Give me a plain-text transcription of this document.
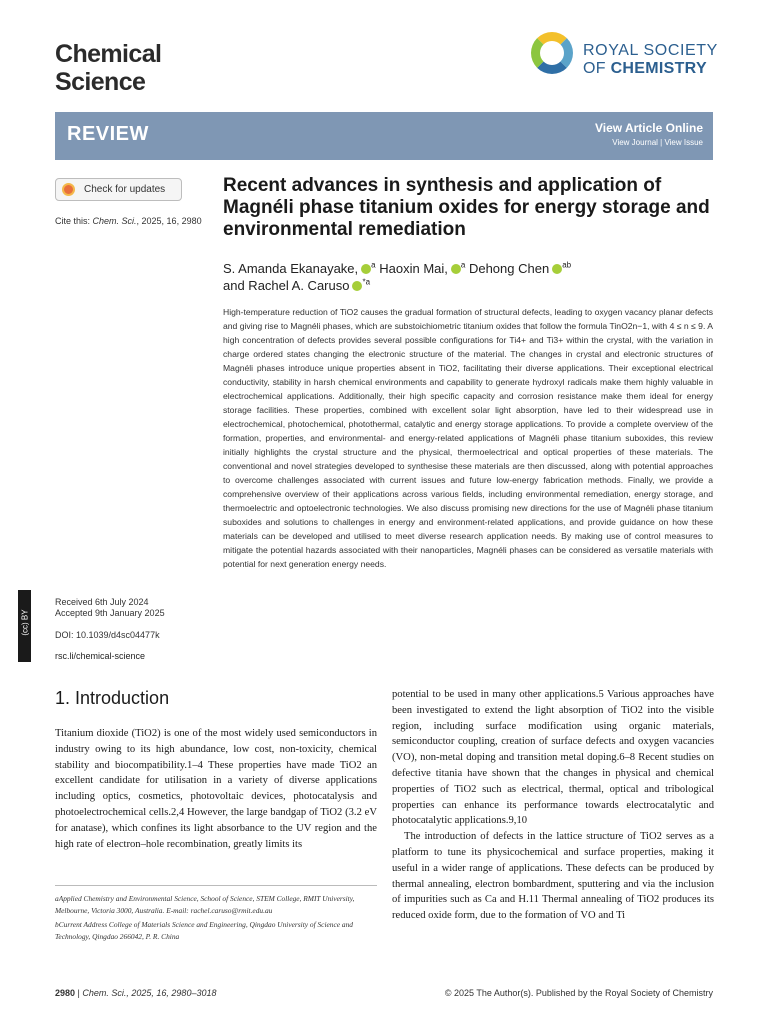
Chemical
Science
ROYAL SOCIETY
OF CHEMISTRY
REVIEW	View Article Online
View Journal | View Issue
Check for updates
Cite this: Chem. Sci., 2025, 16, 2980
(cc) BY
Received 6th July 2024
Accepted 9th January 2025
DOI: 10.1039/d4sc04477k
rsc.li/chemical-science
Recent advances in synthesis and application of Magnéli phase titanium oxides for energy storage and environmental remediation
S. Amanda Ekanayake, $^a$ Haoxin Mai, $^a$ Dehong Chen $^{ab}$
and Rachel A. Caruso $^{*a}$
High-temperature reduction of TiO2 causes the gradual formation of structural defects, leading to oxygen vacancy planar defects and giving rise to Magnéli phases, which are substoichiometric titanium oxides that follow the formula TinO2n−1, with 4 ≤ n ≤ 9. A high concentration of defects provides several possible configurations for Ti4+ and Ti3+ within the crystal, with the variation in charge ordered states changing the electronic structure of the material. The changes in crystal and electronic structures of Magnéli phases introduce unique properties absent in TiO2, facilitating their diverse applications. Their exceptional electrical conductivity, stability in harsh chemical environments and capability to generate hydroxyl radicals make them highly valuable in electrochemical applications. Additionally, their high specific capacity and corrosion resistance make them ideal for energy storage facilities. These properties, combined with excellent solar light absorption, have led to their widespread use in electrochemical, photochemical, photothermal, catalytic and energy storage applications. To provide a complete overview of the formation, properties, and environmental- and energy-related applications of Magnéli phase titanium suboxides, this review initially highlights the crystal structure and the physical, thermoelectrical and optical properties of these materials. The conventional and novel strategies developed to synthesise these materials are then discussed, along with potential approaches to overcome challenges associated with current issues and future low-energy fabrication methods. Finally, we provide a comprehensive overview of their applications across various fields, including environmental remediation, energy storage, and thermoelectric and optoelectronic technologies. We also discuss promising new directions for the use of Magnéli phase titanium suboxides and solutions to challenges in energy and environment-related applications, and provide guidance on how these materials can be developed and utilised to meet diverse research application needs. By making use of control measures to mitigate the potential hazards associated with their nanoparticles, Magnéli phases can be considered as versatile materials with potential for next generation energy needs.
1. Introduction

Titanium dioxide (TiO2) is one of the most widely used semiconductors in industry owing to its high abundance, low cost, non-toxicity, chemical stability and biocompatibility.1–4 These properties have made TiO2 an excellent candidate for utilisation in a variety of diverse applications including optics, cosmetics, photovoltaic devices, photocatalysis and photoelectrochemical cells.2,4 However, the large bandgap of TiO2 (3.2 eV for anatase), which confines its light absorbance to the UV region and the high rate of electron–hole recombination, greatly limits its

aApplied Chemistry and Environmental Science, School of Science, STEM College, RMIT University, Melbourne, Victoria 3000, Australia. E-mail: rachel.caruso@rmit.edu.au

bCurrent Address College of Materials Science and Engineering, Qingdao University of Science and Technology, Qingdao 266042, P. R. China

potential to be used in many other applications.5 Various approaches have been investigated to extend the light absorption of TiO2 into the visible region, including surface modification using organic materials, semiconductor coupling, creation of surface defects and oxygen vacancies (VO), non-metal doping and transition metal doping.6–8 Recent studies on defective titania have shown that the changes in physical and chemical properties of TiO2 such as electrical, thermal, optical and tribological properties can enhance its performance towards electrocatalytic and photocatalytic applications.9,10

The introduction of defects in the lattice structure of TiO2 serves as a platform to tune its physicochemical and surface properties, making it useful in a wider range of applications. These defects can be produced by thermal annealing, electron bombardment, sputtering and via the inclusion of impurities such as Ca and H.11 Thermal annealing of TiO2 produces its reduced oxide form, due to the formation of VO and Ti

2980 | Chem. Sci., 2025, 16, 2980–3018	© 2025 The Author(s). Published by the Royal Society of Chemistry
